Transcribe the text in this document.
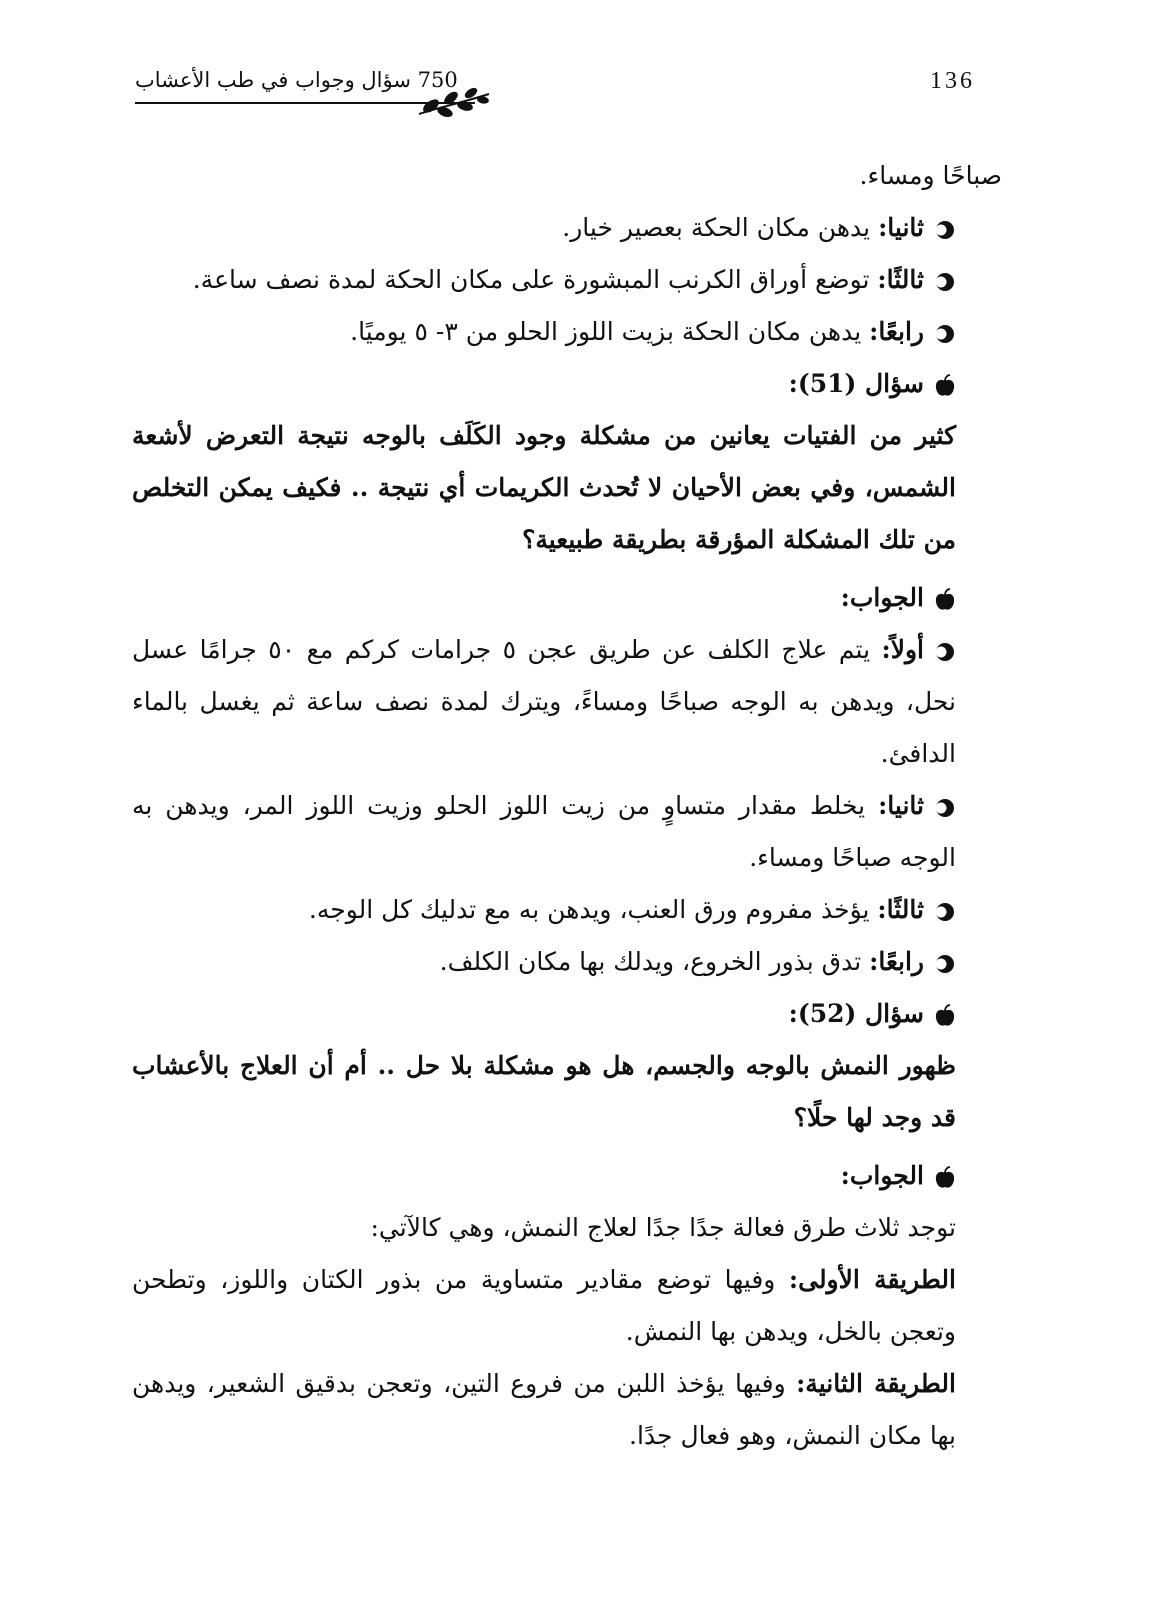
136
750 سؤال وجواب في طب الأعشاب

صباحًا ومساء.

ثانيا: يدهن مكان الحكة بعصير خيار.

ثالثًا: توضع أوراق الكرنب المبشورة على مكان الحكة لمدة نصف ساعة.

رابعًا: يدهن مكان الحكة بزيت اللوز الحلو من ٣- ٥ يوميًا.

سؤال (51):

كثير من الفتيات يعانين من مشكلة وجود الكَلَف بالوجه نتيجة التعرض لأشعة الشمس، وفي بعض الأحيان لا تُحدث الكريمات أي نتيجة .. فكيف يمكن التخلص من تلك المشكلة المؤرقة بطريقة طبيعية؟

الجواب:

أولاً: يتم علاج الكلف عن طريق عجن ٥ جرامات كركم مع ٥٠ جرامًا عسل نحل، ويدهن به الوجه صباحًا ومساءً، ويترك لمدة نصف ساعة ثم يغسل بالماء الدافئ.

ثانيا: يخلط مقدار متساوٍ من زيت اللوز الحلو وزيت اللوز المر، ويدهن به الوجه صباحًا ومساء.

ثالثًا: يؤخذ مفروم ورق العنب، ويدهن به مع تدليك كل الوجه.

رابعًا: تدق بذور الخروع، ويدلك بها مكان الكلف.

سؤال (52):

ظهور النمش بالوجه والجسم، هل هو مشكلة بلا حل .. أم أن العلاج بالأعشاب قد وجد لها حلًا؟

الجواب:

توجد ثلاث طرق فعالة جدًا جدًا لعلاج النمش، وهي كالآتي:

الطريقة الأولى: وفيها توضع مقادير متساوية من بذور الكتان واللوز، وتطحن وتعجن بالخل، ويدهن بها النمش.

الطريقة الثانية: وفيها يؤخذ اللبن من فروع التين، وتعجن بدقيق الشعير، ويدهن بها مكان النمش، وهو فعال جدًا.
